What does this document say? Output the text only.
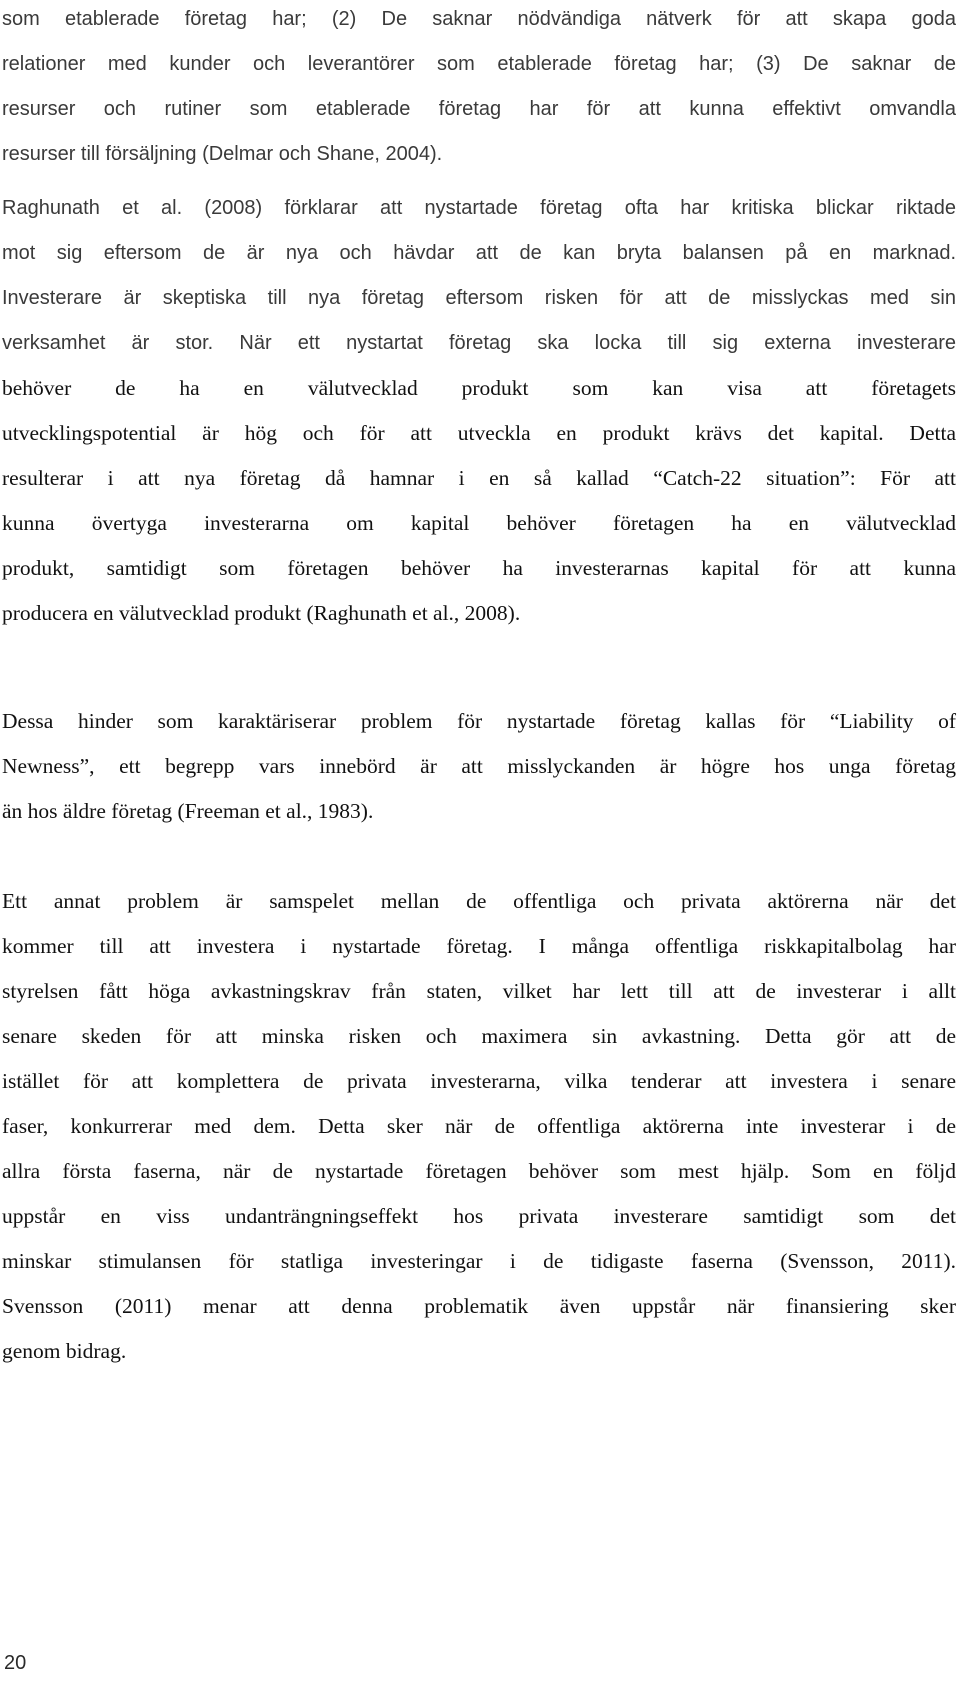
som etablerade företag har; (2) De saknar nödvändiga nätverk för att skapa goda
relationer med kunder och leverantörer som etablerade företag har; (3) De saknar de
resurser och rutiner som etablerade företag har för att kunna effektivt omvandla
resurser till försäljning (Delmar och Shane, 2004).
Raghunath et al. (2008) förklarar att nystartade företag ofta har kritiska blickar riktade
mot sig eftersom de är nya och hävdar att de kan bryta balansen på en marknad.
Investerare är skeptiska till nya företag eftersom risken för att de misslyckas med sin
verksamhet är stor. När ett nystartat företag ska locka till sig externa investerare
behöver de ha en välutvecklad produkt som kan visa att företagets
utvecklingspotential är hög och för att utveckla en produkt krävs det kapital. Detta
resulterar i att nya företag då hamnar i en så kallad “Catch-22 situation”: För att
kunna övertyga investerarna om kapital behöver företagen ha en välutvecklad
produkt, samtidigt som företagen behöver ha investerarnas kapital för att kunna
producera en välutvecklad produkt (Raghunath et al., 2008).
Dessa hinder som karaktäriserar problem för nystartade företag kallas för “Liability of
Newness”, ett begrepp vars innebörd är att misslyckanden är högre hos unga företag
än hos äldre företag (Freeman et al., 1983).
Ett annat problem är samspelet mellan de offentliga och privata aktörerna när det
kommer till att investera i nystartade företag. I många offentliga riskkapitalbolag har
styrelsen fått höga avkastningskrav från staten, vilket har lett till att de investerar i allt
senare skeden för att minska risken och maximera sin avkastning. Detta gör att de
istället för att komplettera de privata investerarna, vilka tenderar att investera i senare
faser, konkurrerar med dem. Detta sker när de offentliga aktörerna inte investerar i de
allra första faserna, när de nystartade företagen behöver som mest hjälp. Som en följd
uppstår en viss undanträngningseffekt hos privata investerare samtidigt som det
minskar stimulansen för statliga investeringar i de tidigaste faserna (Svensson, 2011).
Svensson (2011) menar att denna problematik även uppstår när finansiering sker
genom bidrag.
20
